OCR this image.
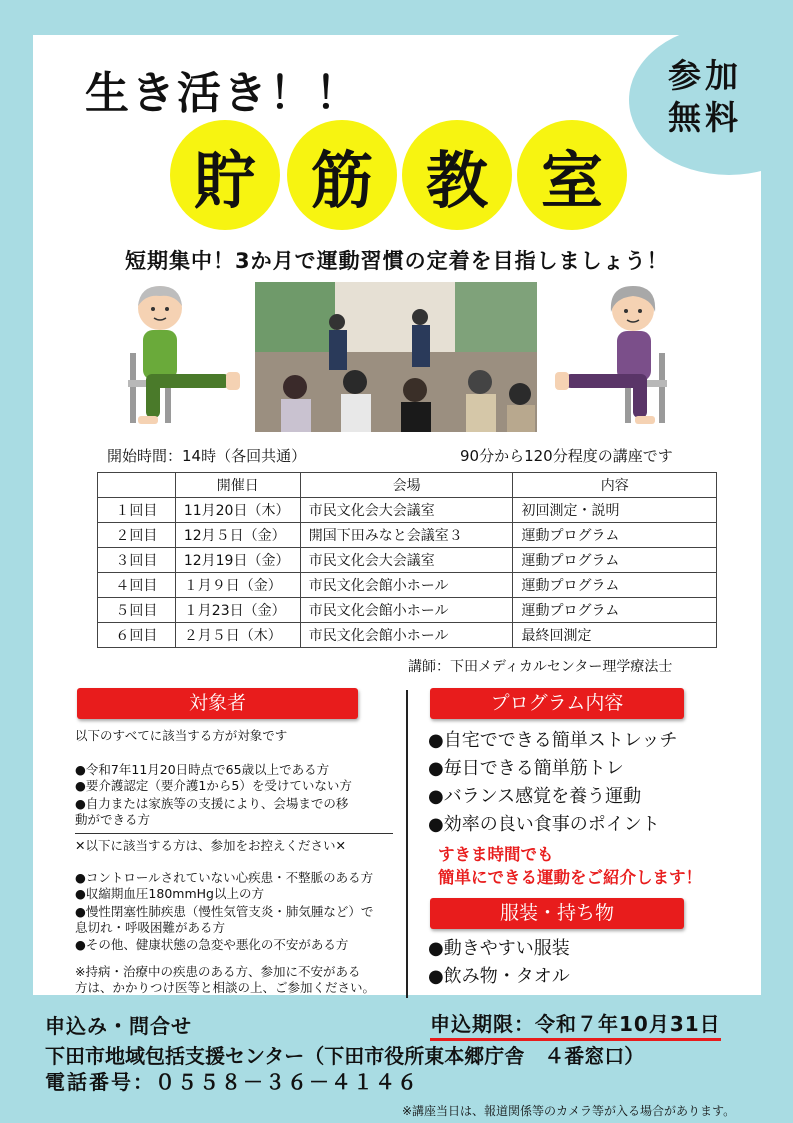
参加
無料
生き活き！！
貯 筋 教 室
短期集中！3か月で運動習慣の定着を目指しましょう！
開始時間：14時（各回共通）	90分から120分程度の講座です
	開催日	会場	内容
１回目	11月20日（木）	市民文化会大会議室	初回測定・説明
２回目	12月５日（金）	開国下田みなと会議室３	運動プログラム
３回目	12月19日（金）	市民文化会大会議室	運動プログラム
４回目	１月９日（金）	市民文化会館小ホール	運動プログラム
５回目	１月23日（金）	市民文化会館小ホール	運動プログラム
６回目	２月５日（木）	市民文化会館小ホール	最終回測定
講師：下田メディカルセンター理学療法士
対象者
以下のすべてに該当する方が対象です
●令和7年11月20日時点で65歳以上である方
●要介護認定（要介護1から5）を受けていない方
●自力または家族等の支援により、会場までの移
動ができる方
✕以下に該当する方は、参加をお控えください✕
●コントロールされていない心疾患・不整脈のある方
●収縮期血圧180mmHg以上の方
●慢性閉塞性肺疾患（慢性気管支炎・肺気腫など）で
息切れ・呼吸困難がある方
●その他、健康状態の急変や悪化の不安がある方
※持病・治療中の疾患のある方、参加に不安がある
方は、かかりつけ医等と相談の上、ご参加ください。
プログラム内容
●自宅でできる簡単ストレッチ
●毎日できる簡単筋トレ
●バランス感覚を養う運動
●効率の良い食事のポイント
すきま時間でも
簡単にできる運動をご紹介します！
服装・持ち物
●動きやすい服装
●飲み物・タオル
申込み・問合せ	申込期限：令和７年10月31日
下田市地域包括支援センター（下田市役所東本郷庁舎　４番窓口）
電話番号：０５５８－３６－４１４６
※講座当日は、報道関係等のカメラ等が入る場合があります。
